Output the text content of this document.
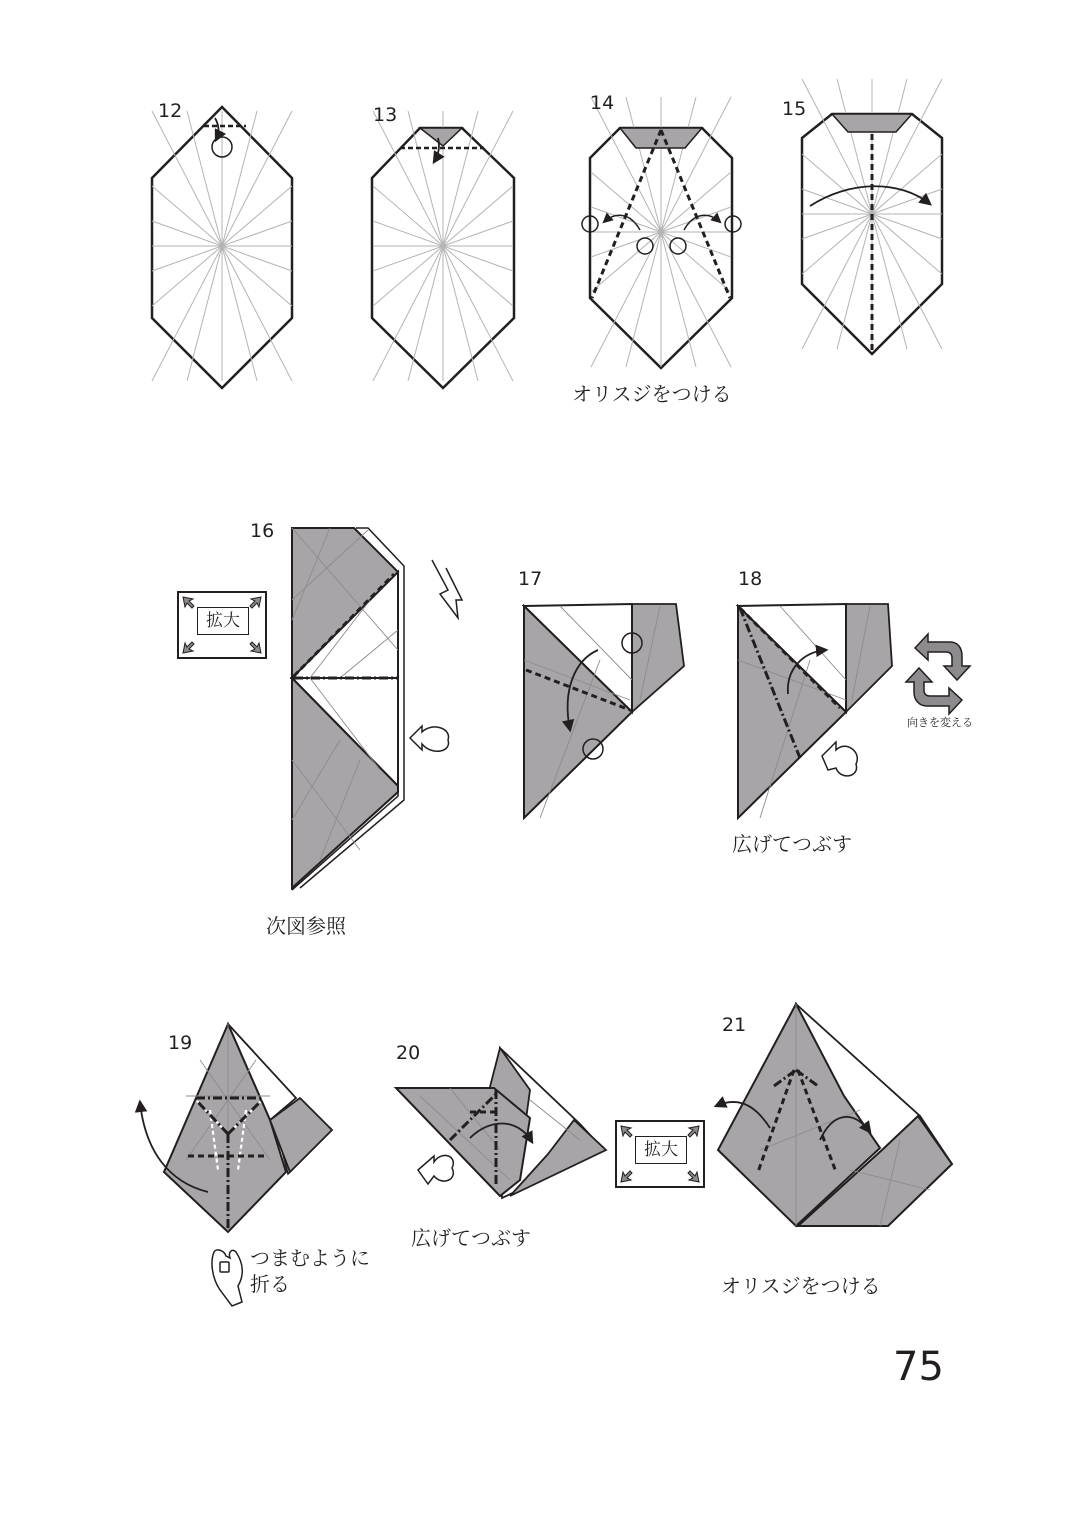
12	13
14	15
16
17	18
19	20
21
オリスジをつける
次図参照
広げてつぶす
向きを変える
つまむように
折る
広げてつぶす
オリスジをつける
拡大
拡大
75
